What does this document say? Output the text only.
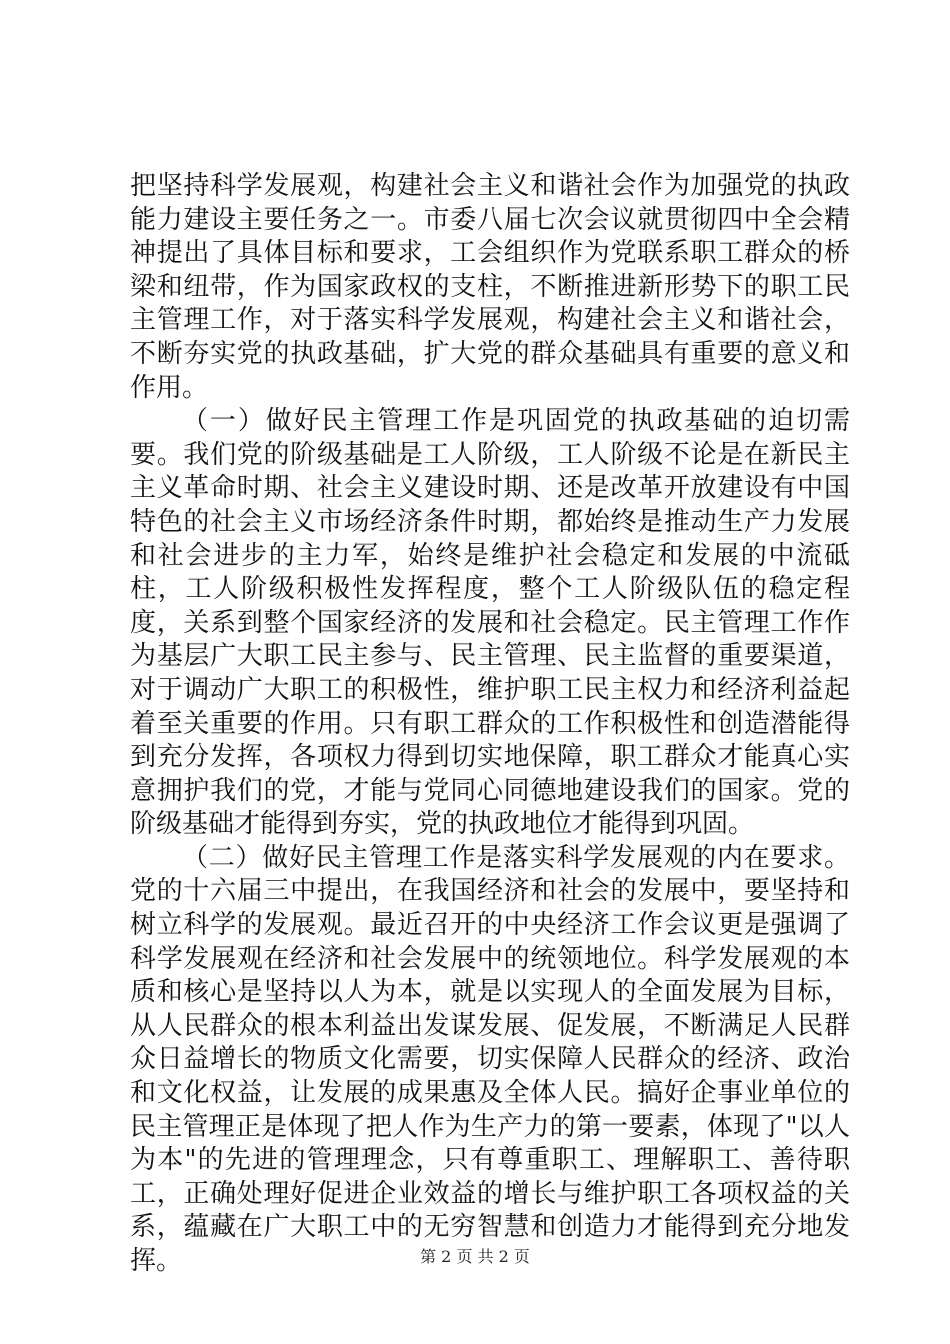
把坚持科学发展观，构建社会主义和谐社会作为加强党的执政能力建设主要任务之一。市委八届七次会议就贯彻四中全会精神提出了具体目标和要求，工会组织作为党联系职工群众的桥梁和纽带，作为国家政权的支柱，不断推进新形势下的职工民主管理工作，对于落实科学发展观，构建社会主义和谐社会，不断夯实党的执政基础，扩大党的群众基础具有重要的意义和作用。

（一）做好民主管理工作是巩固党的执政基础的迫切需要。我们党的阶级基础是工人阶级，工人阶级不论是在新民主主义革命时期、社会主义建设时期、还是改革开放建设有中国特色的社会主义市场经济条件时期，都始终是推动生产力发展和社会进步的主力军，始终是维护社会稳定和发展的中流砥柱，工人阶级积极性发挥程度，整个工人阶级队伍的稳定程度，关系到整个国家经济的发展和社会稳定。民主管理工作作为基层广大职工民主参与、民主管理、民主监督的重要渠道，对于调动广大职工的积极性，维护职工民主权力和经济利益起着至关重要的作用。只有职工群众的工作积极性和创造潜能得到充分发挥，各项权力得到切实地保障，职工群众才能真心实意拥护我们的党，才能与党同心同德地建设我们的国家。党的阶级基础才能得到夯实，党的执政地位才能得到巩固。

（二）做好民主管理工作是落实科学发展观的内在要求。党的十六届三中提出，在我国经济和社会的发展中，要坚持和树立科学的发展观。最近召开的中央经济工作会议更是强调了科学发展观在经济和社会发展中的统领地位。科学发展观的本质和核心是坚持以人为本，就是以实现人的全面发展为目标，从人民群众的根本利益出发谋发展、促发展，不断满足人民群众日益增长的物质文化需要，切实保障人民群众的经济、政治和文化权益，让发展的成果惠及全体人民。搞好企事业单位的民主管理正是体现了把人作为生产力的第一要素，体现了"以人为本"的先进的管理理念，只有尊重职工、理解职工、善待职工，正确处理好促进企业效益的增长与维护职工各项权益的关系，蕴藏在广大职工中的无穷智慧和创造力才能得到充分地发挥。	第 2 页 共 2 页
